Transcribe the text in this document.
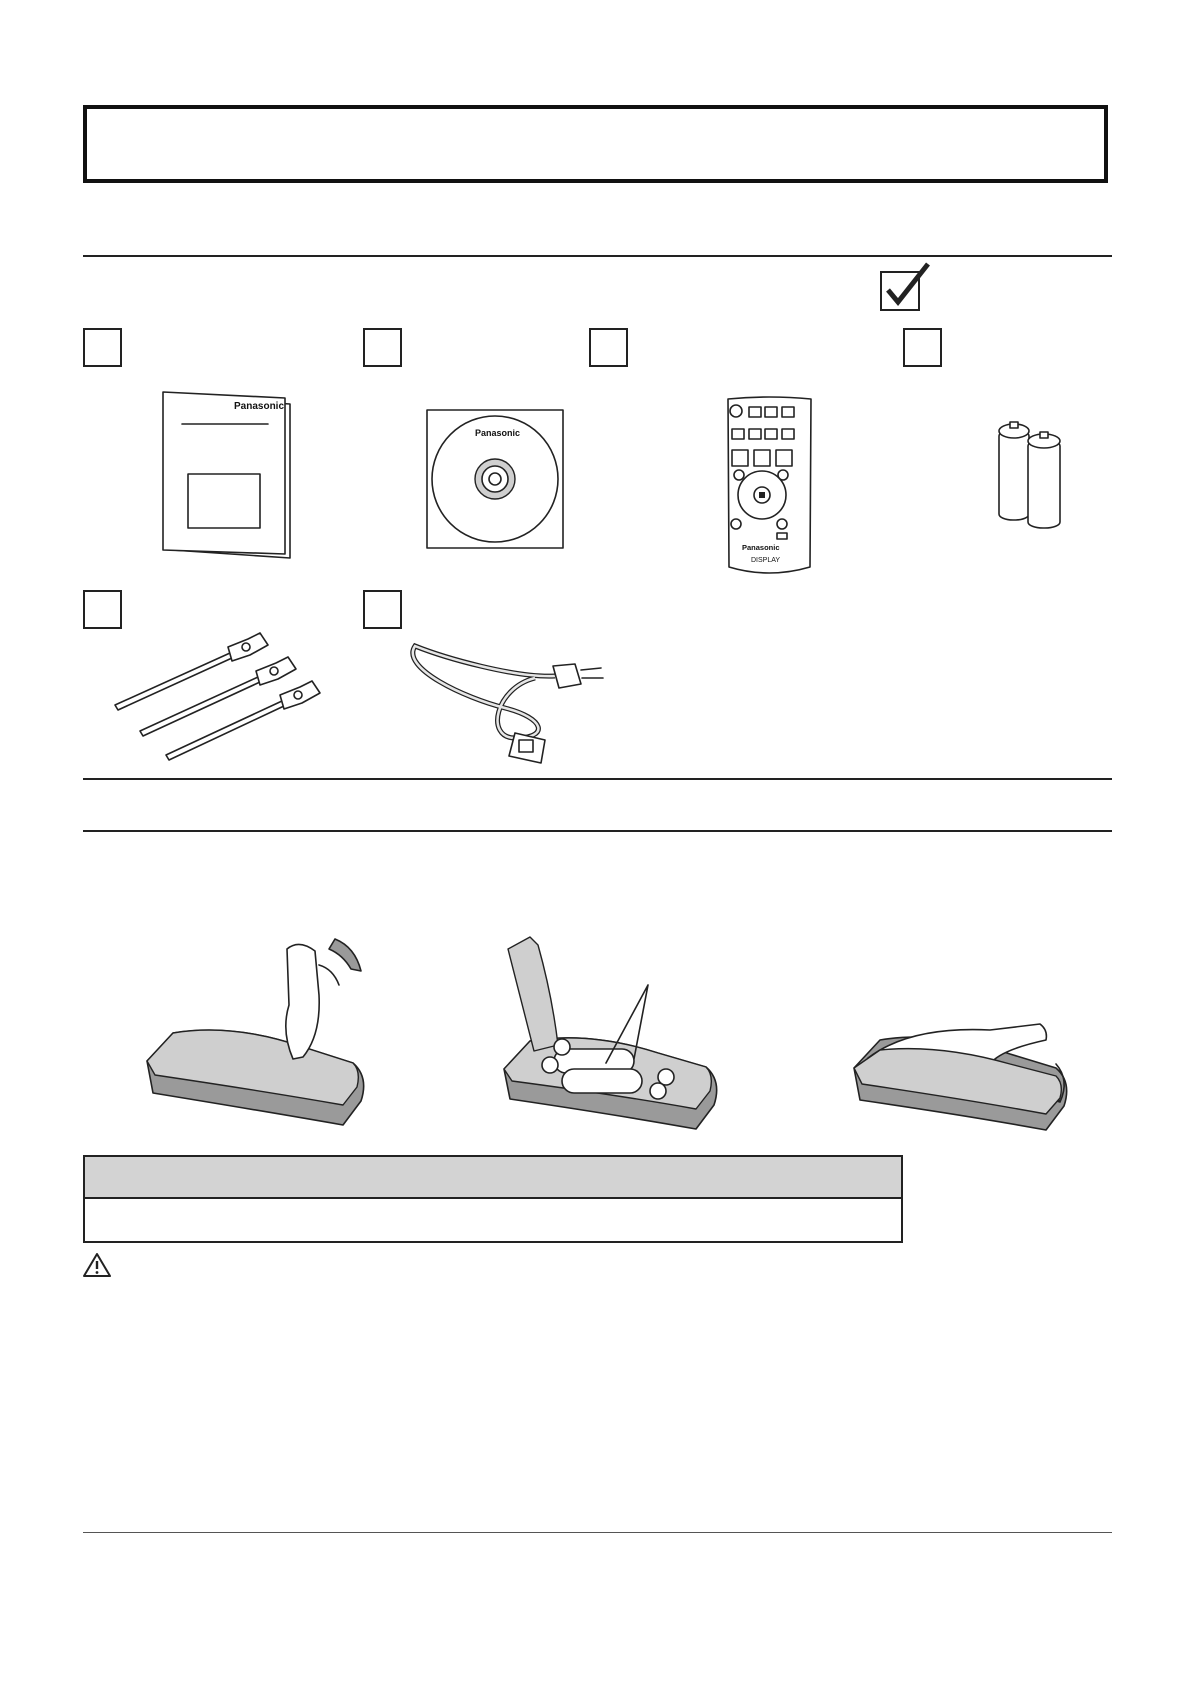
Panasonic
Panasonic
Panasonic
DISPLAY
